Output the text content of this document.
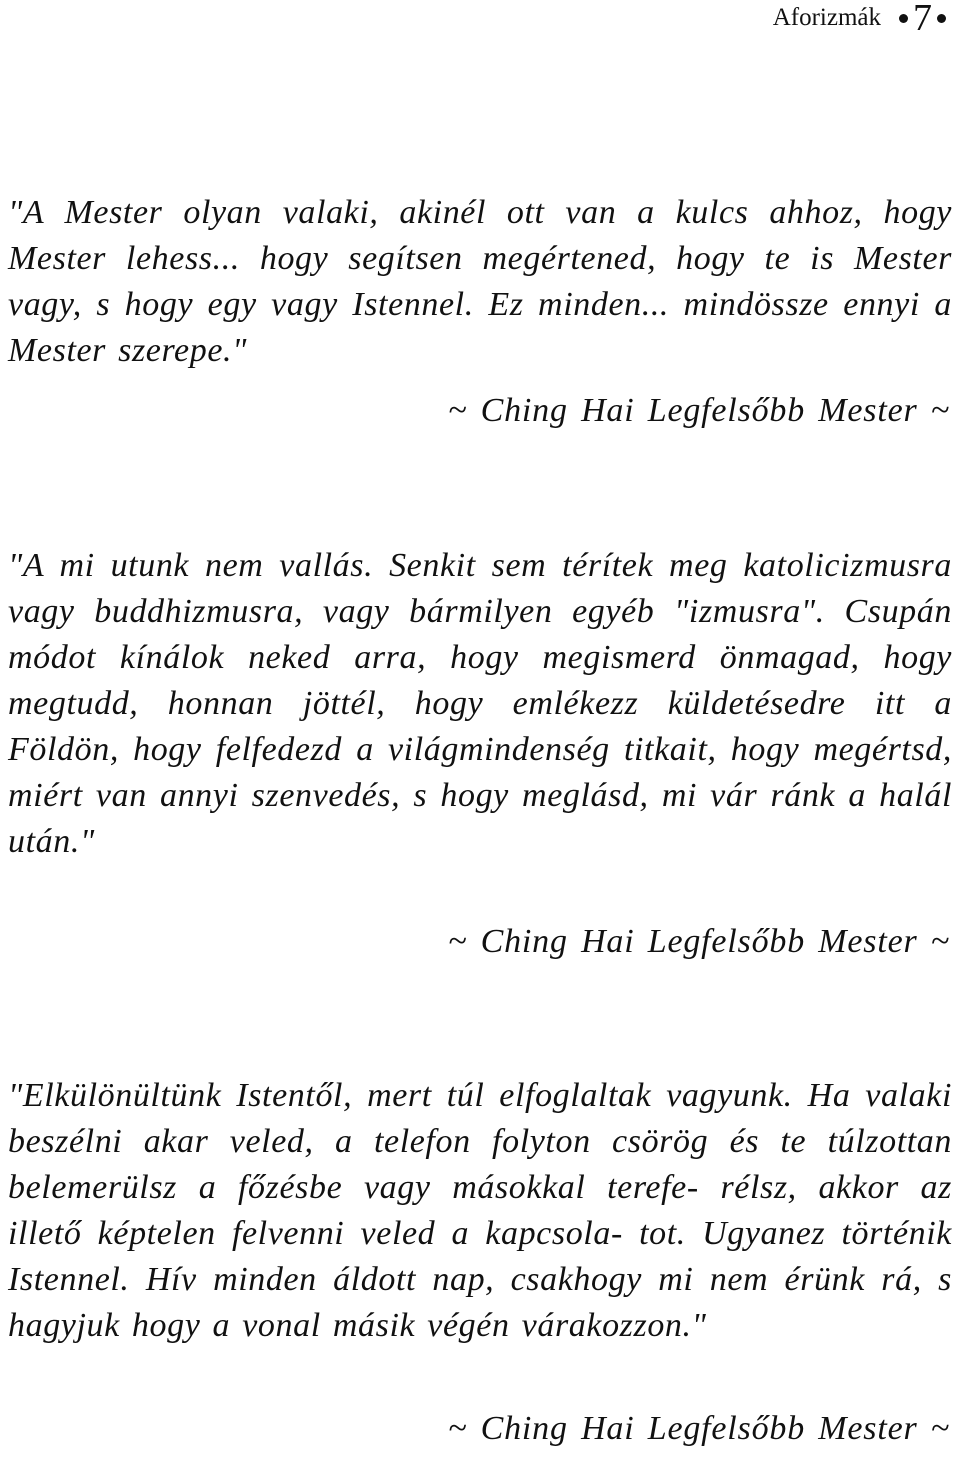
Aforizmák 7

"A Mester olyan valaki, akinél ott van a kulcs ahhoz, hogy Mester lehess... hogy segítsen megértened, hogy te is Mester vagy, s hogy egy vagy Istennel. Ez minden... mindössze ennyi a Mester szerepe."

~ Ching Hai Legfelsőbb Mester ~

"A mi utunk nem vallás. Senkit sem térítek meg katolicizmusra vagy buddhizmusra, vagy bármilyen egyéb "izmusra". Csupán módot kínálok neked arra, hogy megismerd önmagad, hogy megtudd, honnan jöttél, hogy emlékezz küldetésedre itt a Földön, hogy felfedezd a világmindenség titkait, hogy megértsd, miért van annyi szenvedés, s hogy meglásd, mi vár ránk a halál után."

~ Ching Hai Legfelsőbb Mester ~

"Elkülönültünk Istentől, mert túl elfoglaltak vagyunk. Ha valaki beszélni akar veled, a telefon folyton csörög és te túlzottan belemerülsz a főzésbe vagy másokkal terefe- rélsz, akkor az illető képtelen felvenni veled a kapcsola- tot. Ugyanez történik Istennel. Hív minden áldott nap, csakhogy mi nem érünk rá, s hagyjuk hogy a vonal másik végén várakozzon."

~ Ching Hai Legfelsőbb Mester ~
